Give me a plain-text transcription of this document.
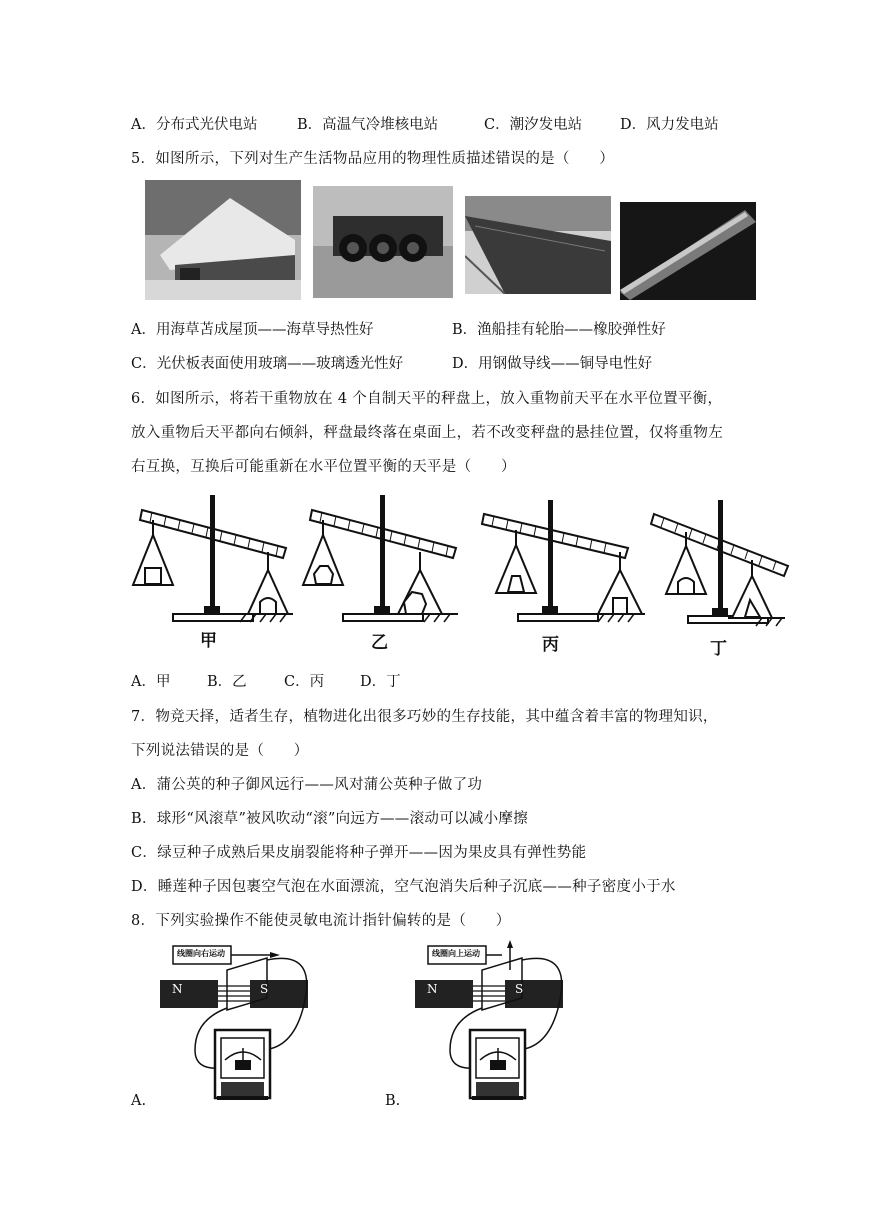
A．分布式光伏电站	B．高温气冷堆核电站	C．潮汐发电站	D．风力发电站
5．如图所示，下列对生产生活物品应用的物理性质描述错误的是（　　）
A．用海草苫成屋顶——海草导热性好	B．渔船挂有轮胎——橡胶弹性好
C．光伏板表面使用玻璃——玻璃透光性好	D．用钢做导线——铜导电性好
6．如图所示，将若干重物放在 4 个自制天平的秤盘上，放入重物前天平在水平位置平衡，
放入重物后天平都向右倾斜，秤盘最终落在桌面上，若不改变秤盘的悬挂位置，仅将重物左
右互换，互换后可能重新在水平位置平衡的天平是（　　）
甲	乙	丙	丁
A．甲	B．乙	C．丙 D．丁
7．物竞天择，适者生存，植物进化出很多巧妙的生存技能，其中蕴含着丰富的物理知识，
下列说法错误的是（　　）
A．蒲公英的种子御风远行——风对蒲公英种子做了功
B．球形“风滚草”被风吹动“滚”向远方——滚动可以减小摩擦
C．绿豆种子成熟后果皮崩裂能将种子弹开——因为果皮具有弹性势能
D．睡莲种子因包裹空气泡在水面漂流，空气泡消失后种子沉底——种子密度小于水
8．下列实验操作不能使灵敏电流计指针偏转的是（　　）
线圈向右运动
N	S
线圈向上运动
N	S
A.	B.
